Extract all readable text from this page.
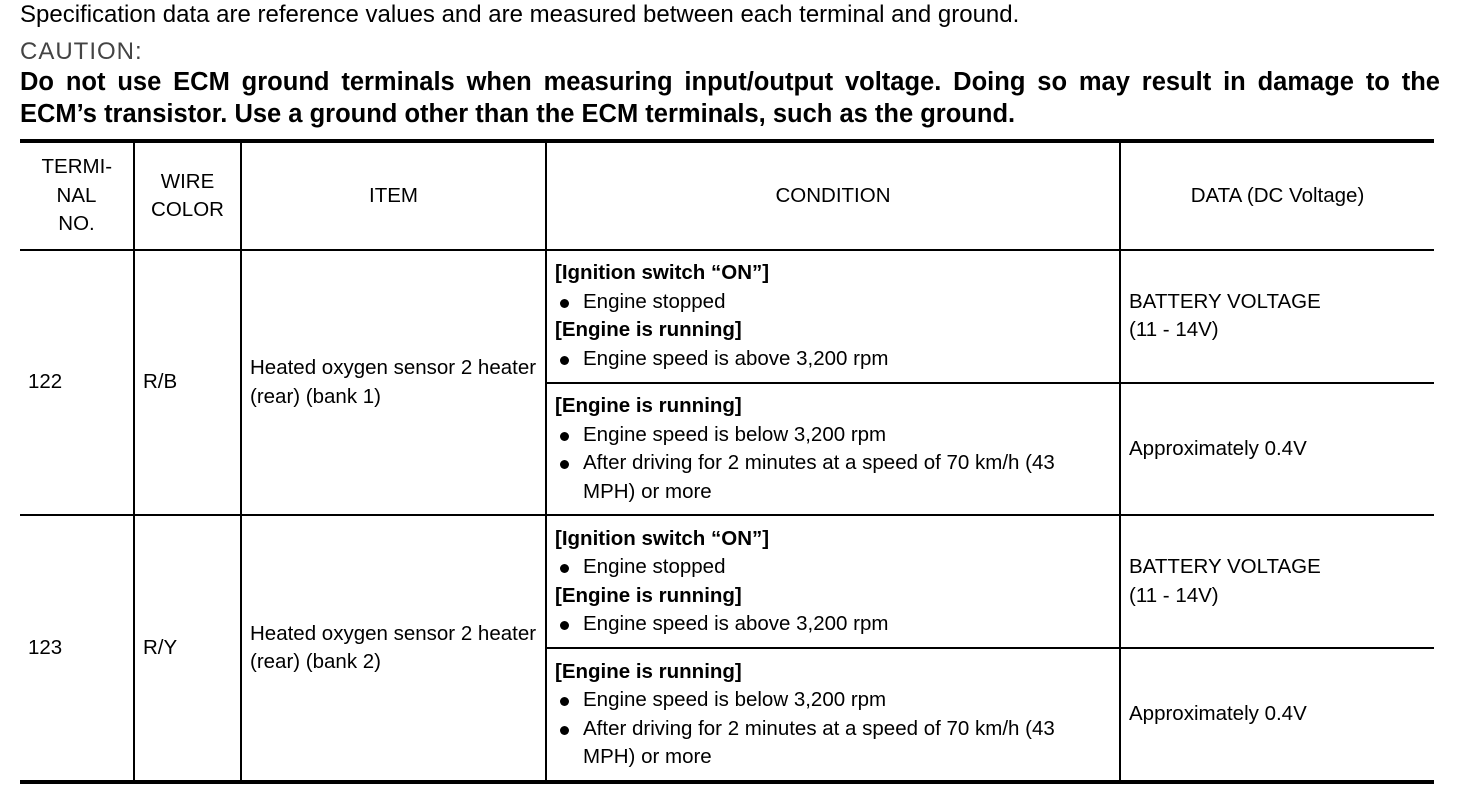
Specification data are reference values and are measured between each terminal and ground.
CAUTION:
Do not use ECM ground terminals when measuring input/output voltage. Doing so may result in damage to the ECM’s transistor. Use a ground other than the ECM terminals, such as the ground.
TERMI- NAL NO.	WIRE COLOR	ITEM	CONDITION	DATA (DC Voltage)
122	R/B	Heated oxygen sensor 2 heater (rear) (bank 1)	[Ignition switch “ON”]
Engine stopped
[Engine is running]
Engine speed is above 3,200 rpm	BATTERY VOLTAGE
(11 - 14V)

			[Engine is running]
Engine speed is below 3,200 rpm
After driving for 2 minutes at a speed of 70 km/h (43 MPH) or more	Approximately 0.4V

123	R/Y	Heated oxygen sensor 2 heater (rear) (bank 2)	[Ignition switch “ON”]
Engine stopped
[Engine is running]
Engine speed is above 3,200 rpm	BATTERY VOLTAGE
(11 - 14V)

			[Engine is running]
Engine speed is below 3,200 rpm
After driving for 2 minutes at a speed of 70 km/h (43 MPH) or more	Approximately 0.4V
